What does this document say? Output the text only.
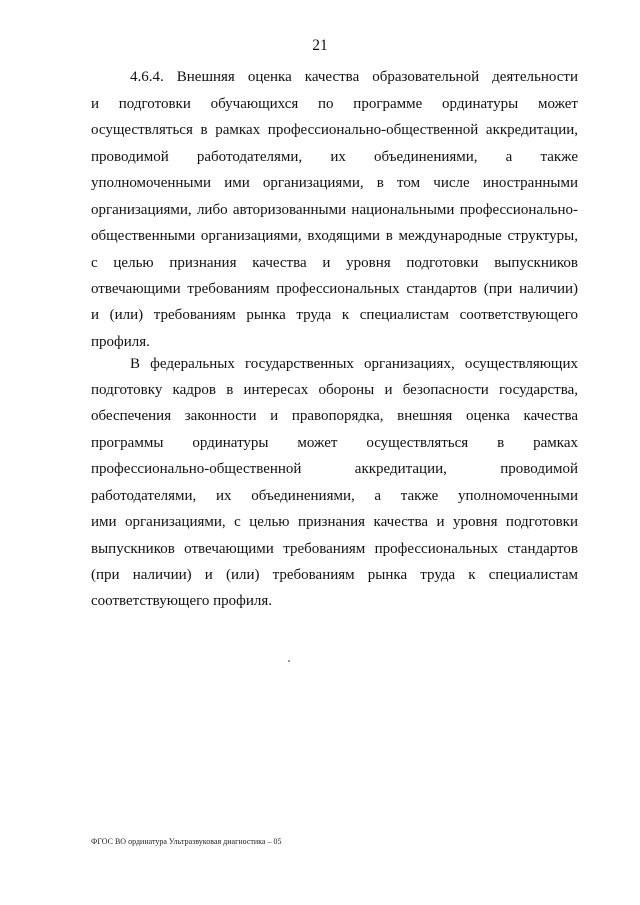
21
4.6.4. Внешняя оценка качества образовательной деятельности
и подготовки обучающихся по программе ординатуры может
осуществляться в рамках профессионально-общественной аккредитации,
проводимой работодателями, их объединениями, а также
уполномоченными ими организациями, в том числе иностранными
организациями, либо авторизованными национальными профессионально-
общественными организациями, входящими в международные структуры,
с целью признания качества и уровня подготовки выпускников
отвечающими требованиям профессиональных стандартов (при наличии)
и (или) требованиям рынка труда к специалистам соответствующего
профиля.
В федеральных государственных организациях, осуществляющих
подготовку кадров в интересах обороны и безопасности государства,
обеспечения законности и правопорядка, внешняя оценка качества
программы ординатуры может осуществляться в рамках
профессионально-общественной аккредитации, проводимой
работодателями, их объединениями, а также уполномоченными
ими организациями, с целью признания качества и уровня подготовки
выпускников отвечающими требованиям профессиональных стандартов
(при наличии) и (или) требованиям рынка труда к специалистам
соответствующего профиля.
ФГОС ВО ординатура Ультразвуковая диагностика – 05
